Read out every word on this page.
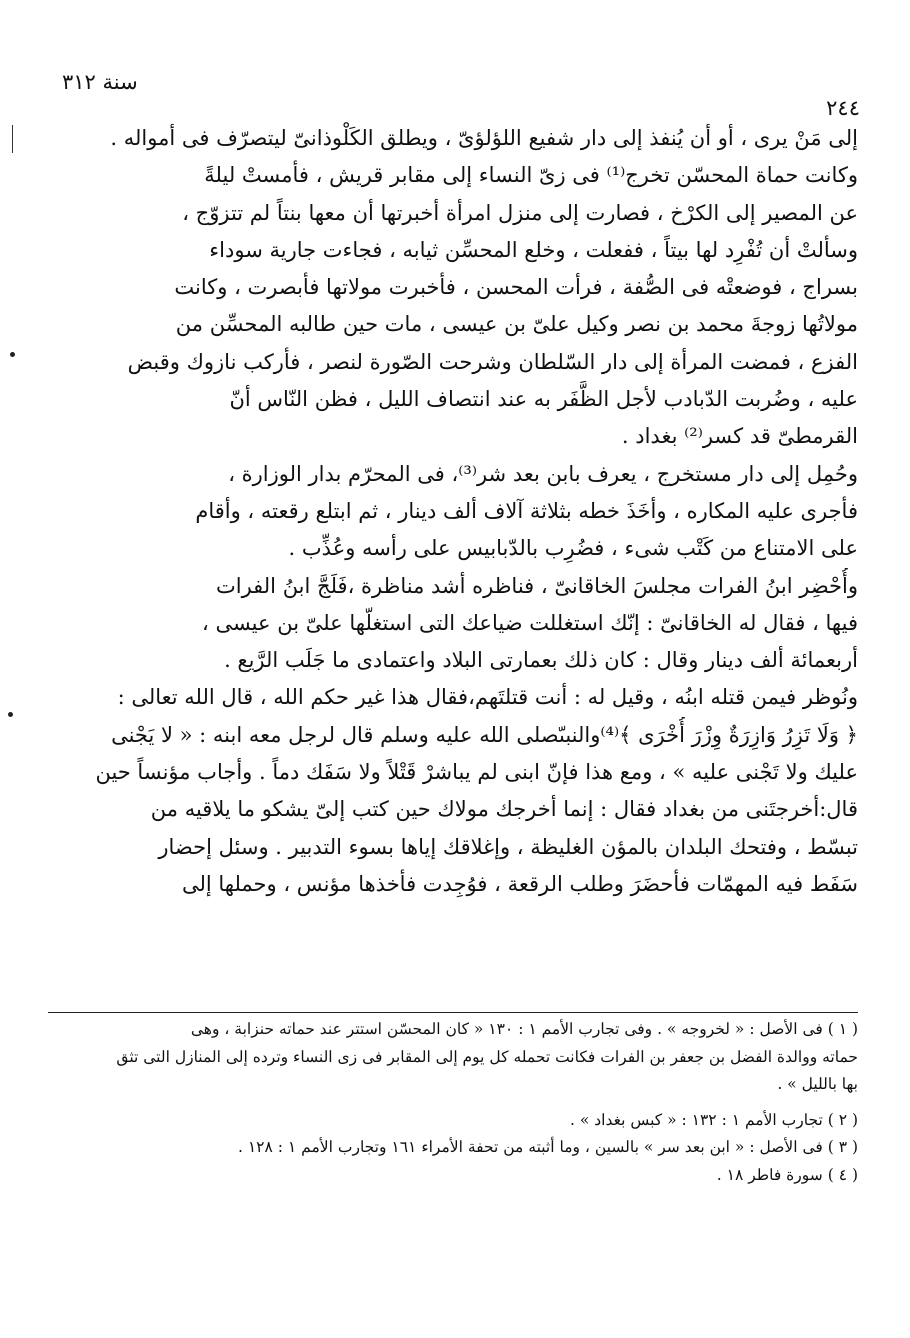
سنة ٣١٢
٢٤٤
إلى مَنْ يرى ، أو أن يُنفذ إلى دار شفيع اللؤلؤىّ ، ويطلق الكَلْوذانىّ ليتصرّف فى أمواله .
وكانت حماة المحسّن تخرج⁽¹⁾ فى زىّ النساء إلى مقابر قريش ، فأمستْ ليلةً
عن المصير إلى الكرْخ ، فصارت إلى منزل امرأة أخبرتها أن معها بنتاً لم تتزوّج ،
وسألتْ أن تُفْرِد لها بيتاً ، ففعلت ، وخلع المحسِّن ثيابه ، فجاءت جارية سوداء
بسراج ، فوضعتْه فى الصُّفة ، فرأت المحسن ، فأخبرت مولاتها فأبصرت ، وكانت
مولاتُها زوجةَ محمد بن نصر وكيل علىّ بن عيسى ، مات حين طالبه المحسِّن من
الفزع ، فمضت المرأة إلى دار السّلطان وشرحت الصّورة لنصر ، فأركب نازوك وقبض
عليه ، وضُربت الدّبادب لأجل الظَّفَر به عند انتصاف الليل ، فظن النّاس أنّ
القرمطىّ قد كسر⁽²⁾ بغداد .
وحُمِل إلى دار مستخرج ، يعرف بابن بعد شر⁽³⁾، فى المحرّم بدار الوزارة ،
فأجرى عليه المكاره ، وأخَذَ خطه بثلاثة آلاف ألف دينار ، ثم ابتلع رقعته ، وأقام
على الامتناع من كَتْب شىء ، فضُرِب بالدّبابيس على رأسه وعُذِّب .
وأُحْضِر ابنُ الفرات مجلسَ الخاقانىّ ، فناظره أشد مناظرة ،فَلَجَّ ابنُ الفرات
فيها ، فقال له الخاقانىّ : إنّك استغللت ضياعك التى استغلّها علىّ بن عيسى ،
أربعمائة ألف دينار وقال : كان ذلك بعمارتى البلاد واعتمادى ما جَلَب الرَّيع .
ونُوظر فيمن قتله ابنُه ، وقيل له : أنت قتلتَهم،فقال هذا غير حكم الله ، قال الله تعالى :
﴿ وَلَا تَزِرُ وَازِرَةٌ وِزْرَ أُخْرَى ﴾⁽⁴⁾والنبىّصلى الله عليه وسلم قال لرجل معه ابنه : « لا يَجْنى
عليك ولا تَجْنى عليه » ، ومع هذا فإنّ ابنى لم يباشرْ قَتْلاً ولا سَفَك دماً . وأجاب مؤنساً حين
قال:أخرجتَنى من بغداد فقال : إنما أخرجك مولاك حين كتب إلىّ يشكو ما يلاقيه من
تبسّط ، وفتحك البلدان بالمؤن الغليظة ، وإغلاقك إياها بسوء التدبير . وسئل إحضار
سَفَط فيه المهمّات فأحضَرَ وطلب الرقعة ، فوُجِدت فأخذها مؤنس ، وحملها إلى
( ١ ) فى الأصل : « لخروجه » . وفى تجارب الأمم ١ : ١٣٠ « كان المحسّن استتر عند حماته حنزابة ، وهى
حماته ووالدة الفضل بن جعفر بن الفرات فكانت تحمله كل يوم إلى المقابر فى زى النساء وترده إلى المنازل التى تثق
بها بالليل » .
( ٢ ) تجارب الأمم ١ : ١٣٢ : « كبس بغداد » .
( ٣ ) فى الأصل : « ابن بعد سر » بالسين ، وما أثبته من تحفة الأمراء ١٦١ وتجارب الأمم ١ : ١٢٨ .
( ٤ ) سورة فاطر ١٨ .
